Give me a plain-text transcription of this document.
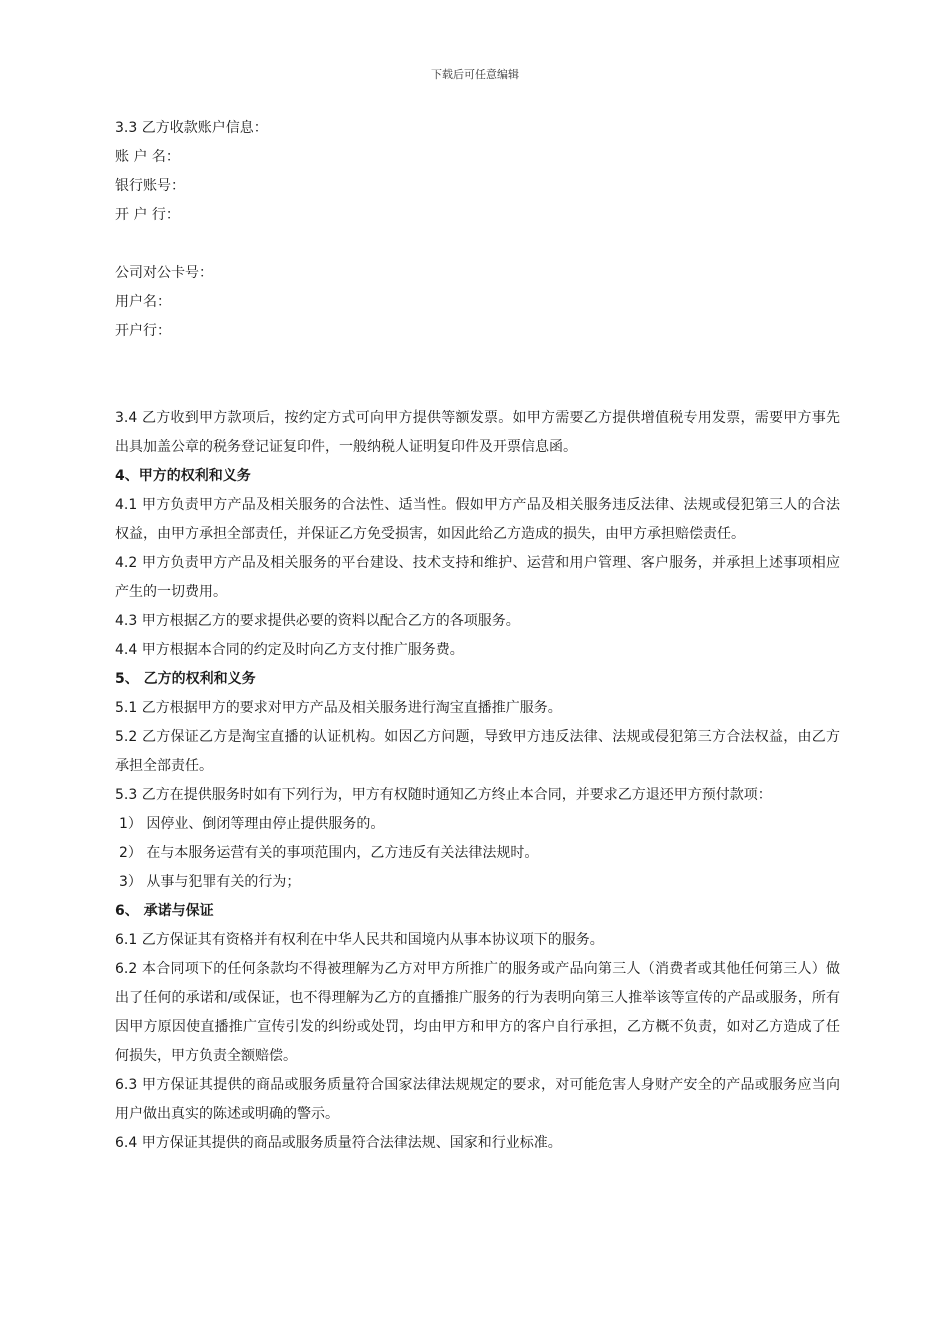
下载后可任意编辑
3.3 乙方收款账户信息：
账 户 名：
银行账号：
开 户 行：
公司对公卡号：
用户名：
开户行：
3.4 乙方收到甲方款项后，按约定方式可向甲方提供等额发票。如甲方需要乙方提供增值税专用发票，需要甲方事先出具加盖公章的税务登记证复印件，一般纳税人证明复印件及开票信息函。
4、甲方的权利和义务
4.1 甲方负责甲方产品及相关服务的合法性、适当性。假如甲方产品及相关服务违反法律、法规或侵犯第三人的合法权益，由甲方承担全部责任，并保证乙方免受损害，如因此给乙方造成的损失，由甲方承担赔偿责任。
4.2 甲方负责甲方产品及相关服务的平台建设、技术支持和维护、运营和用户管理、客户服务，并承担上述事项相应产生的一切费用。
4.3 甲方根据乙方的要求提供必要的资料以配合乙方的各项服务。
4.4 甲方根据本合同的约定及时向乙方支付推广服务费。
5、 乙方的权利和义务
5.1 乙方根据甲方的要求对甲方产品及相关服务进行淘宝直播推广服务。
5.2 乙方保证乙方是淘宝直播的认证机构。如因乙方问题，导致甲方违反法律、法规或侵犯第三方合法权益，由乙方承担全部责任。
5.3 乙方在提供服务时如有下列行为，甲方有权随时通知乙方终止本合同，并要求乙方退还甲方预付款项：
1） 因停业、倒闭等理由停止提供服务的。
2） 在与本服务运营有关的事项范围内，乙方违反有关法律法规时。
3） 从事与犯罪有关的行为；
6、 承诺与保证
6.1 乙方保证其有资格并有权利在中华人民共和国境内从事本协议项下的服务。
6.2 本合同项下的任何条款均不得被理解为乙方对甲方所推广的服务或产品向第三人（消费者或其他任何第三人）做出了任何的承诺和/或保证，也不得理解为乙方的直播推广服务的行为表明向第三人推举该等宣传的产品或服务，所有因甲方原因使直播推广宣传引发的纠纷或处罚，均由甲方和甲方的客户自行承担，乙方概不负责，如对乙方造成了任何损失，甲方负责全额赔偿。
6.3 甲方保证其提供的商品或服务质量符合国家法律法规规定的要求，对可能危害人身财产安全的产品或服务应当向用户做出真实的陈述或明确的警示。
6.4 甲方保证其提供的商品或服务质量符合法律法规、国家和行业标准。
